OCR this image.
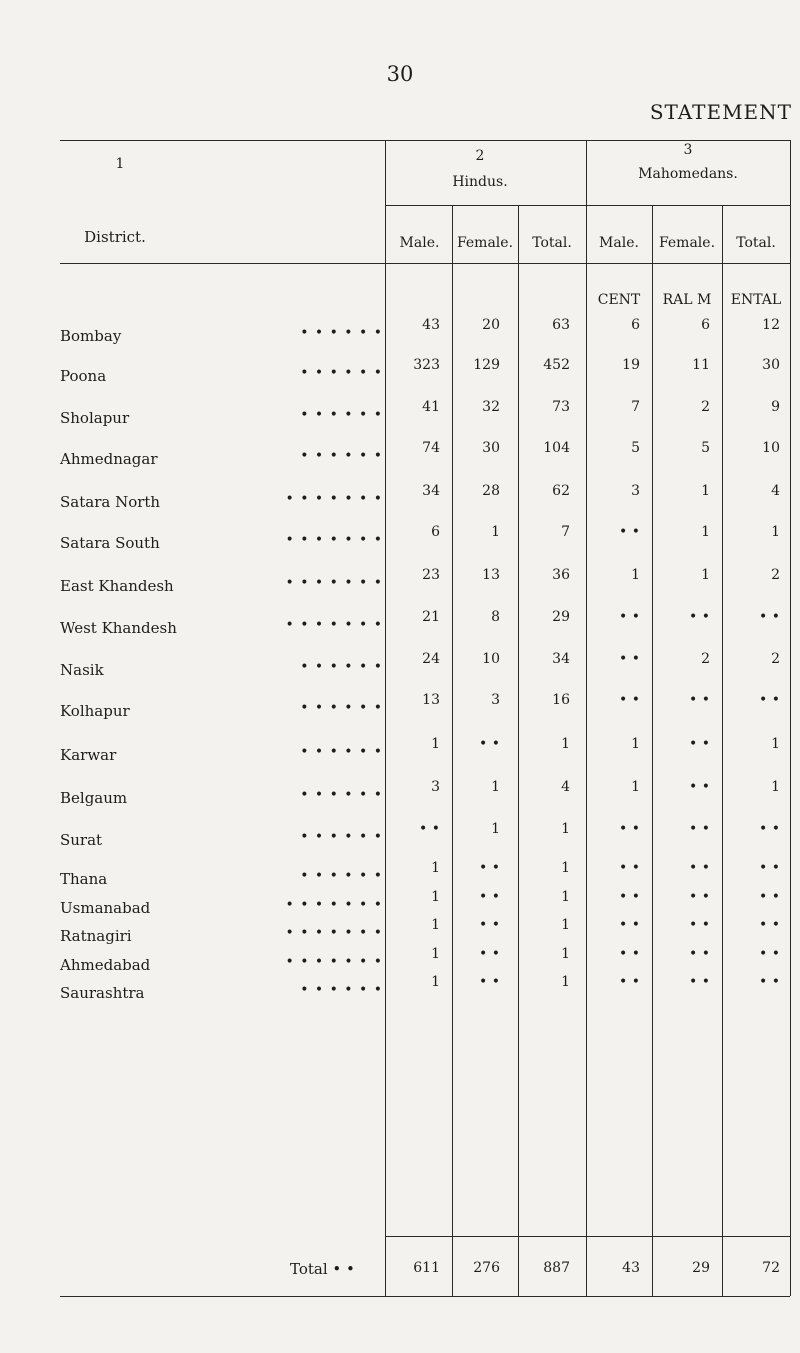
30
STATEMENT
1
District.
2
Hindus.
3
Mahomedans.
Male.	Female.	Total.	Male.	Female.	Total.
CENT	RAL M	ENTAL
Bombay	• • • • • •	43	20	63	6	6	12
Poona	• • • • • •	323	129	452	19	11	30
Sholapur	• • • • • •	41	32	73	7	2	9
Ahmednagar	• • • • • •	74	30	104	5	5	10
Satara North	• • • • • • •	34	28	62	3	1	4
Satara South	• • • • • • •	6	1	7	• •	1	1
East Khandesh	• • • • • • •	23	13	36	1	1	2
West Khandesh	• • • • • • •	21	8	29	• •	• •	• •
Nasik	• • • • • •	24	10	34	• •	2	2
Kolhapur	• • • • • •	13	3	16	• •	• •	• •
Karwar	• • • • • •	1	• •	1	1	• •	1
Belgaum	• • • • • •	3	1	4	1	• •	1
Surat	• • • • • •	• •	1	1	• •	• •	• •
Thana	• • • • • •	1	• •	1	• •	• •	• •
Usmanabad	• • • • • • •	1	• •	1	• •	• •	• •
Ratnagiri	• • • • • • •	1	• •	1	• •	• •	• •
Ahmedabad	• • • • • • •	1	• •	1	• •	• •	• •
Saurashtra	• • • • • •	1	• •	1	• •	• •	• •
Total • •	611	276	887	43	29	72
